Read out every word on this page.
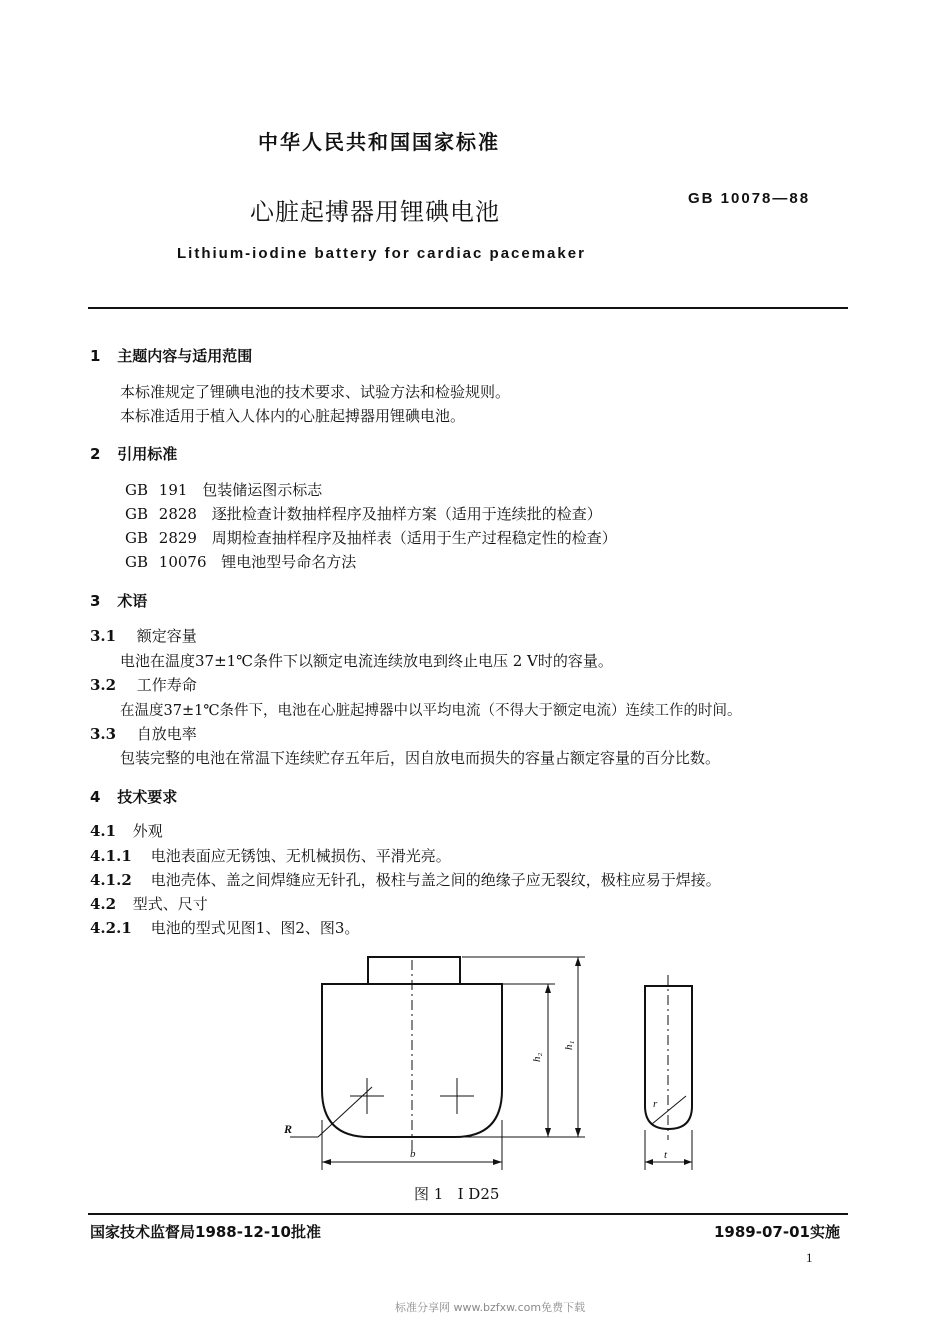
中华人民共和国国家标准
心脏起搏器用锂碘电池	GB 10078—88
Lithium-iodine battery for cardiac pacemaker
1 主题内容与适用范围
本标准规定了锂碘电池的技术要求、试验方法和检验规则。
本标准适用于植入人体内的心脏起搏器用锂碘电池。
2 引用标准
GB 191 包装储运图示标志
GB 2828 逐批检查计数抽样程序及抽样方案（适用于连续批的检查）
GB 2829 周期检查抽样程序及抽样表（适用于生产过程稳定性的检查）
GB 10076 锂电池型号命名方法
3 术语
3.1 额定容量
电池在温度37±1℃条件下以额定电流连续放电到终止电压 2 V时的容量。
3.2 工作寿命
在温度37±1℃条件下，电池在心脏起搏器中以平均电流（不得大于额定电流）连续工作的时间。
3.3 自放电率
包装完整的电池在常温下连续贮存五年后，因自放电而损失的容量占额定容量的百分比数。
4 技术要求
4.1 外观
4.1.1 电池表面应无锈蚀、无机械损伤、平滑光亮。
4.1.2 电池壳体、盖之间焊缝应无针孔，极柱与盖之间的绝缘子应无裂纹，极柱应易于焊接。
4.2 型式、尺寸
4.2.1 电池的型式见图1、图2、图3。
R
b
h₂
h₁
r
t
图 1   I D25
国家技术监督局1988-12-10批准	1989-07-01实施
1
标准分享网 www.bzfxw.com免费下载
